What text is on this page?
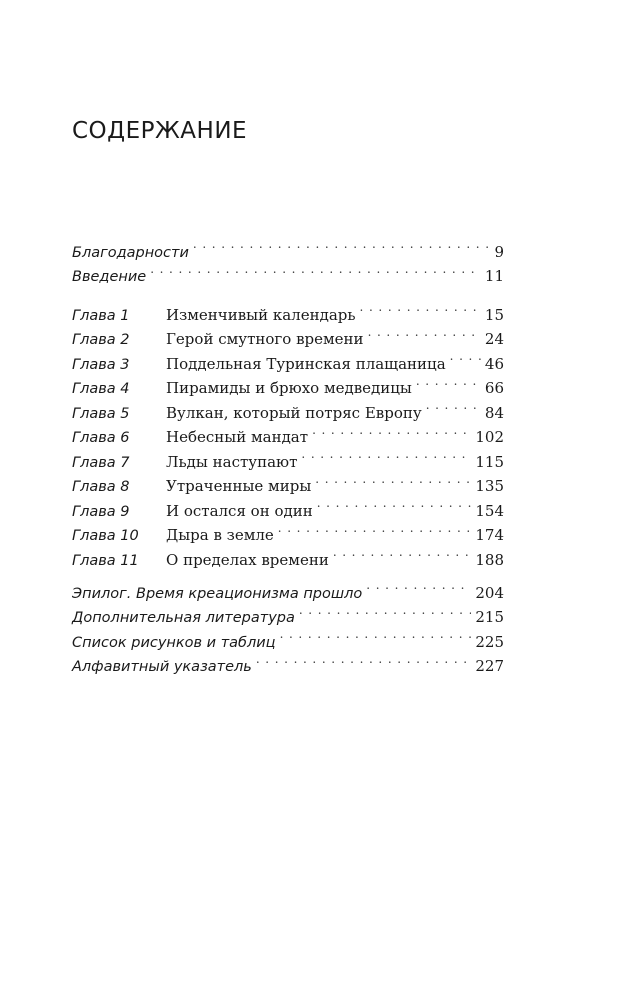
СОДЕРЖАНИЕ
Благодарности . . .	9
Введение . . .	11
Глава 1	Изменчивый календарь . . .	15
Глава 2	Герой смутного времени . . .	24
Глава 3	Поддельная Туринская плащаница . . .	46
Глава 4	Пирамиды и брюхо медведицы . . .	66
Глава 5	Вулкан, который потряс Европу . . .	84
Глава 6	Небесный мандат . . .	102
Глава 7	Льды наступают . . .	115
Глава 8	Утраченные миры . . .	135
Глава 9	И остался он один . . .	154
Глава 10	Дыра в земле . . .	174
Глава 11	О пределах времени . . .	188
Эпилог. Время креационизма прошло . . .	204
Дополнительная литература . . .	215
Список рисунков и таблиц . . .	225
Алфавитный указатель . . .	227
